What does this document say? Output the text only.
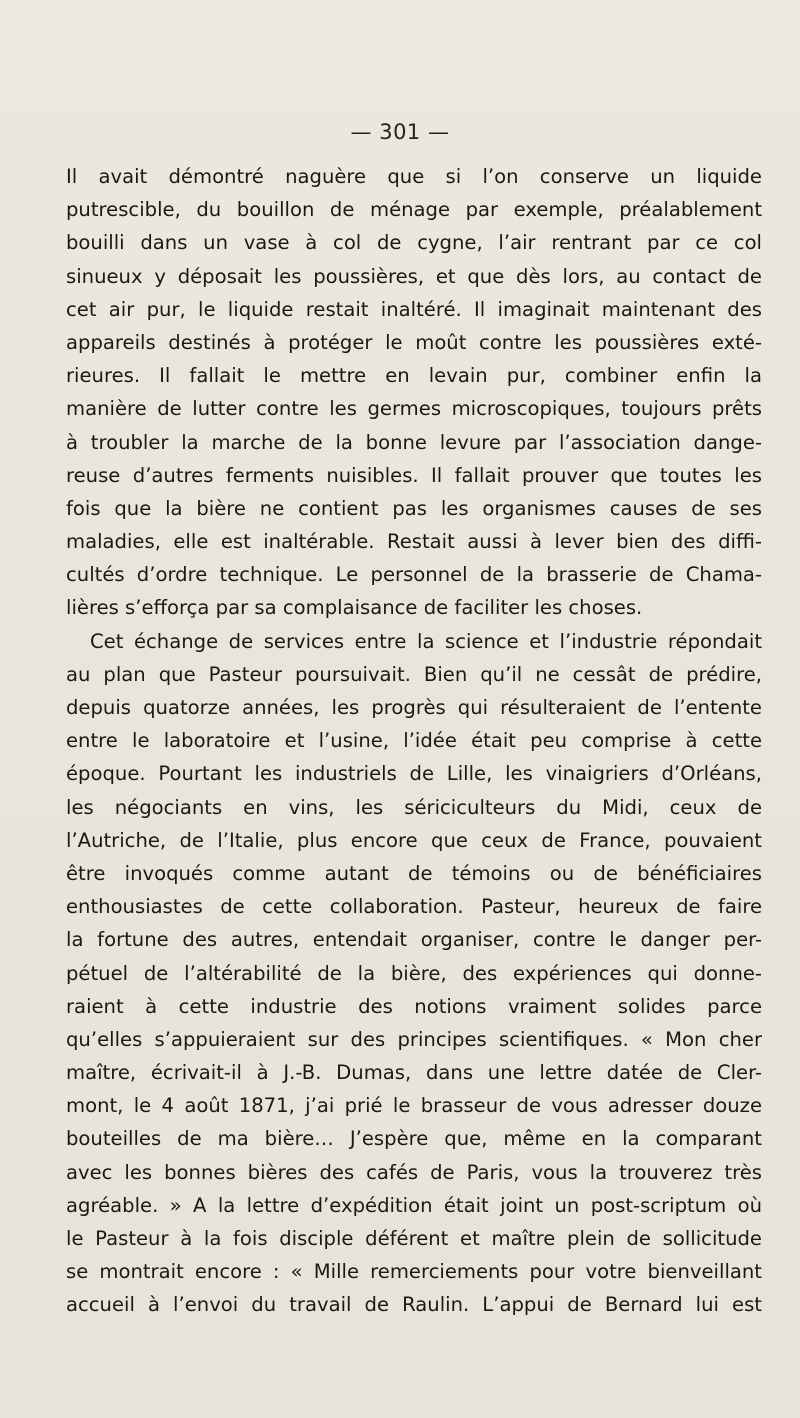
— 301 —
Il avait démontré naguère que si l’on conserve un liquide
putrescible, du bouillon de ménage par exemple, préalablement
bouilli dans un vase à col de cygne, l’air rentrant par ce col
sinueux y déposait les poussières, et que dès lors, au contact de
cet air pur, le liquide restait inaltéré. Il imaginait maintenant des
appareils destinés à protéger le moût contre les poussières exté-
rieures. Il fallait le mettre en levain pur, combiner enfin la
manière de lutter contre les germes microscopiques, toujours prêts
à troubler la marche de la bonne levure par l’association dange-
reuse d’autres ferments nuisibles. Il fallait prouver que toutes les
fois que la bière ne contient pas les organismes causes de ses
maladies, elle est inaltérable. Restait aussi à lever bien des diffi-
cultés d’ordre technique. Le personnel de la brasserie de Chama-
lières s’efforça par sa complaisance de faciliter les choses.
Cet échange de services entre la science et l’industrie répondait
au plan que Pasteur poursuivait. Bien qu’il ne cessât de prédire,
depuis quatorze années, les progrès qui résulteraient de l’entente
entre le laboratoire et l’usine, l’idée était peu comprise à cette
époque. Pourtant les industriels de Lille, les vinaigriers d’Orléans,
les négociants en vins, les sériciculteurs du Midi, ceux de
l’Autriche, de l’Italie, plus encore que ceux de France, pouvaient
être invoqués comme autant de témoins ou de bénéficiaires
enthousiastes de cette collaboration. Pasteur, heureux de faire
la fortune des autres, entendait organiser, contre le danger per-
pétuel de l’altérabilité de la bière, des expériences qui donne-
raient à cette industrie des notions vraiment solides parce
qu’elles s’appuieraient sur des principes scientifiques. « Mon cher
maître, écrivait-il à J.-B. Dumas, dans une lettre datée de Cler-
mont, le 4 août 1871, j’ai prié le brasseur de vous adresser douze
bouteilles de ma bière… J’espère que, même en la comparant
avec les bonnes bières des cafés de Paris, vous la trouverez très
agréable. » A la lettre d’expédition était joint un post-scriptum où
le Pasteur à la fois disciple déférent et maître plein de sollicitude
se montrait encore : « Mille remerciements pour votre bienveillant
accueil à l’envoi du travail de Raulin. L’appui de Bernard lui est
